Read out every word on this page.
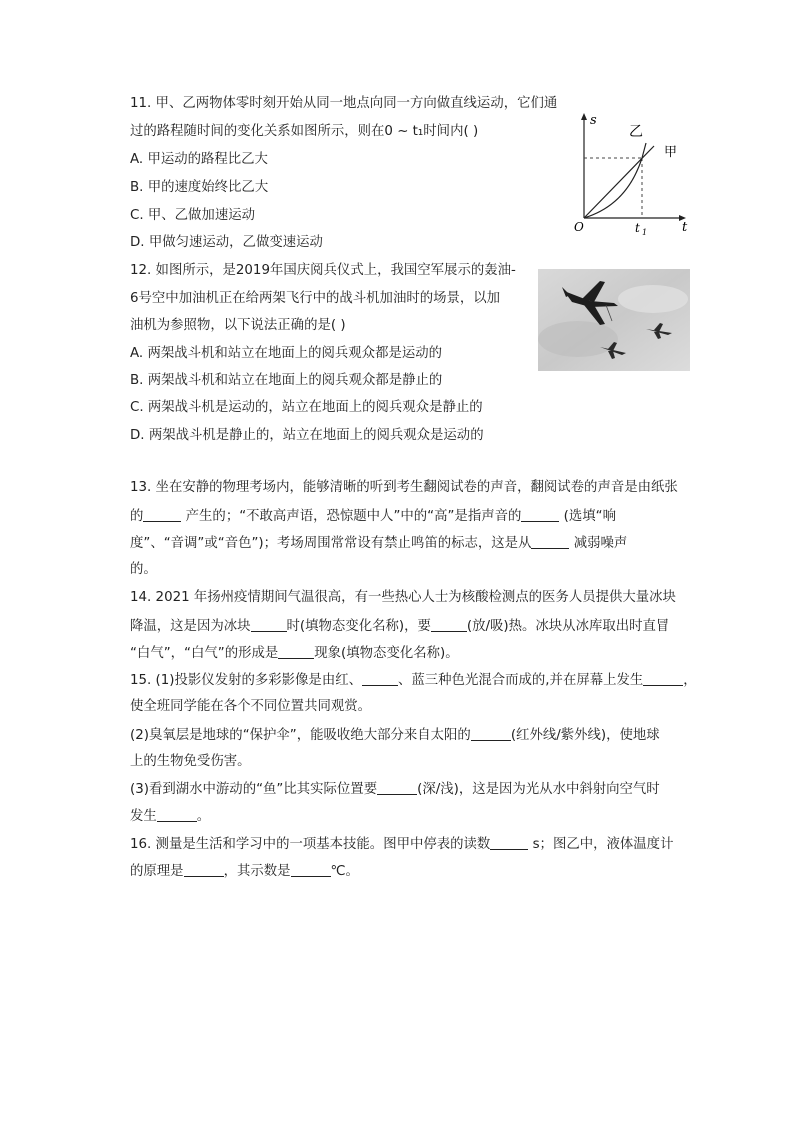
11. 甲、乙两物体零时刻开始从同一地点向同一方向做直线运动，它们通
过的路程随时间的变化关系如图所示，则在0 ~ t₁时间内( )
A. 甲运动的路程比乙大
B. 甲的速度始终比乙大
C. 甲、乙做加速运动
D. 甲做匀速运动，乙做变速运动
s
t
O	t 1
乙
甲
12. 如图所示，是2019年国庆阅兵仪式上，我国空军展示的轰油-
6号空中加油机正在给两架飞行中的战斗机加油时的场景，以加
油机为参照物，以下说法正确的是( )
A. 两架战斗机和站立在地面上的阅兵观众都是运动的
B. 两架战斗机和站立在地面上的阅兵观众都是静止的
C. 两架战斗机是运动的，站立在地面上的阅兵观众是静止的
D. 两架战斗机是静止的，站立在地面上的阅兵观众是运动的
13. 坐在安静的物理考场内，能够清晰的听到考生翻阅试卷的声音，翻阅试卷的声音是由纸张
的	产生的；“不敢高声语，恐惊题中人”中的“高”是指声音的	(选填“响
度”、“音调”或“音色”)；考场周围常常设有禁止鸣笛的标志，这是从	减弱噪声
的。
14. 2021 年扬州疫情期间气温很高，有一些热心人士为核酸检测点的医务人员提供大量冰块
降温，这是因为冰块	时(填物态变化名称)，要	(放/吸)热。冰块从冰库取出时直冒
“白气”，“白气”的形成是	现象(填物态变化名称)。
15. (1)投影仪发射的多彩影像是由红、	、蓝三种色光混合而成的,并在屏幕上发生	，
使全班同学能在各个不同位置共同观赏。
(2)臭氧层是地球的“保护伞”，能吸收绝大部分来自太阳的	(红外线/紫外线)，使地球
上的生物免受伤害。
(3)看到湖水中游动的“鱼”比其实际位置要	(深/浅)，这是因为光从水中斜射向空气时
发生	。
16. 测量是生活和学习中的一项基本技能。图甲中停表的读数	s；图乙中，液体温度计
的原理是	，其示数是	℃。
